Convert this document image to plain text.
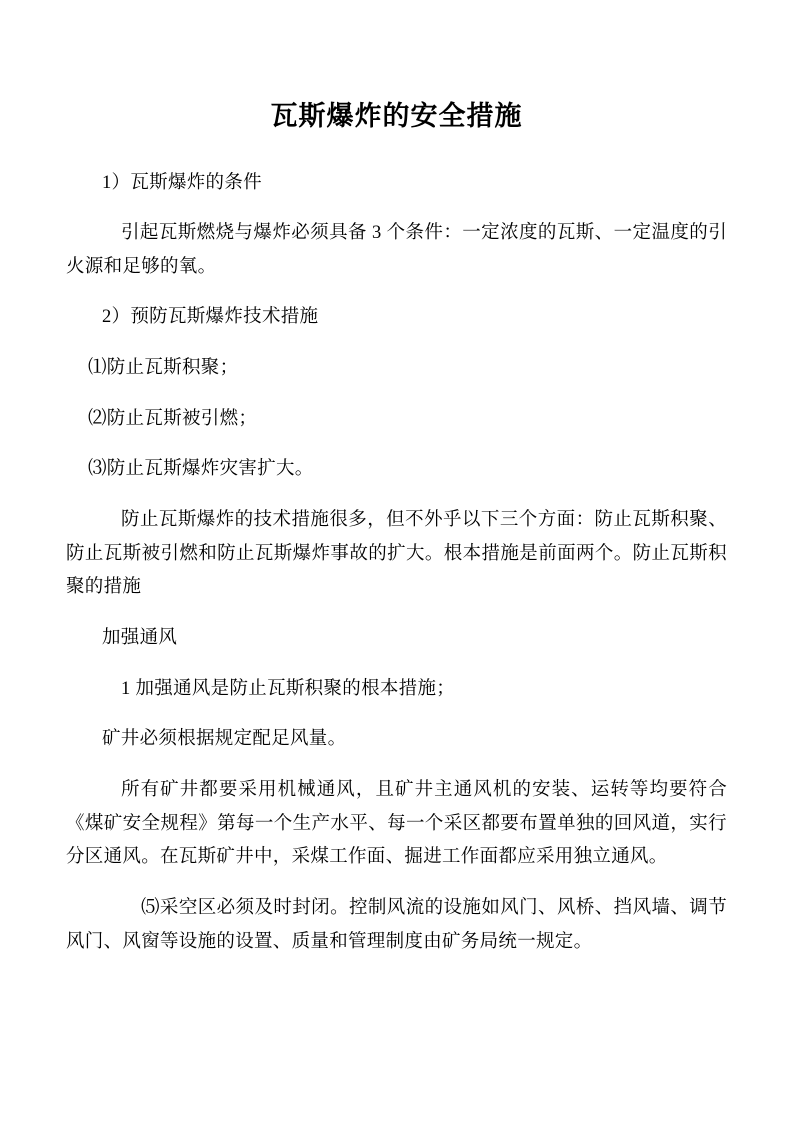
瓦斯爆炸的安全措施

1）瓦斯爆炸的条件

引起瓦斯燃烧与爆炸必须具备 3 个条件：一定浓度的瓦斯、一定温度的引火源和足够的氧。

2）预防瓦斯爆炸技术措施

⑴防止瓦斯积聚；

⑵防止瓦斯被引燃；

⑶防止瓦斯爆炸灾害扩大。

防止瓦斯爆炸的技术措施很多，但不外乎以下三个方面：防止瓦斯积聚、防止瓦斯被引燃和防止瓦斯爆炸事故的扩大。根本措施是前面两个。防止瓦斯积聚的措施

加强通风

1 加强通风是防止瓦斯积聚的根本措施；

矿井必须根据规定配足风量。

所有矿井都要采用机械通风，且矿井主通风机的安装、运转等均要符合《煤矿安全规程》第每一个生产水平、每一个采区都要布置单独的回风道，实行分区通风。在瓦斯矿井中，采煤工作面、掘进工作面都应采用独立通风。

⑸采空区必须及时封闭。控制风流的设施如风门、风桥、挡风墙、调节风门、风窗等设施的设置、质量和管理制度由矿务局统一规定。
